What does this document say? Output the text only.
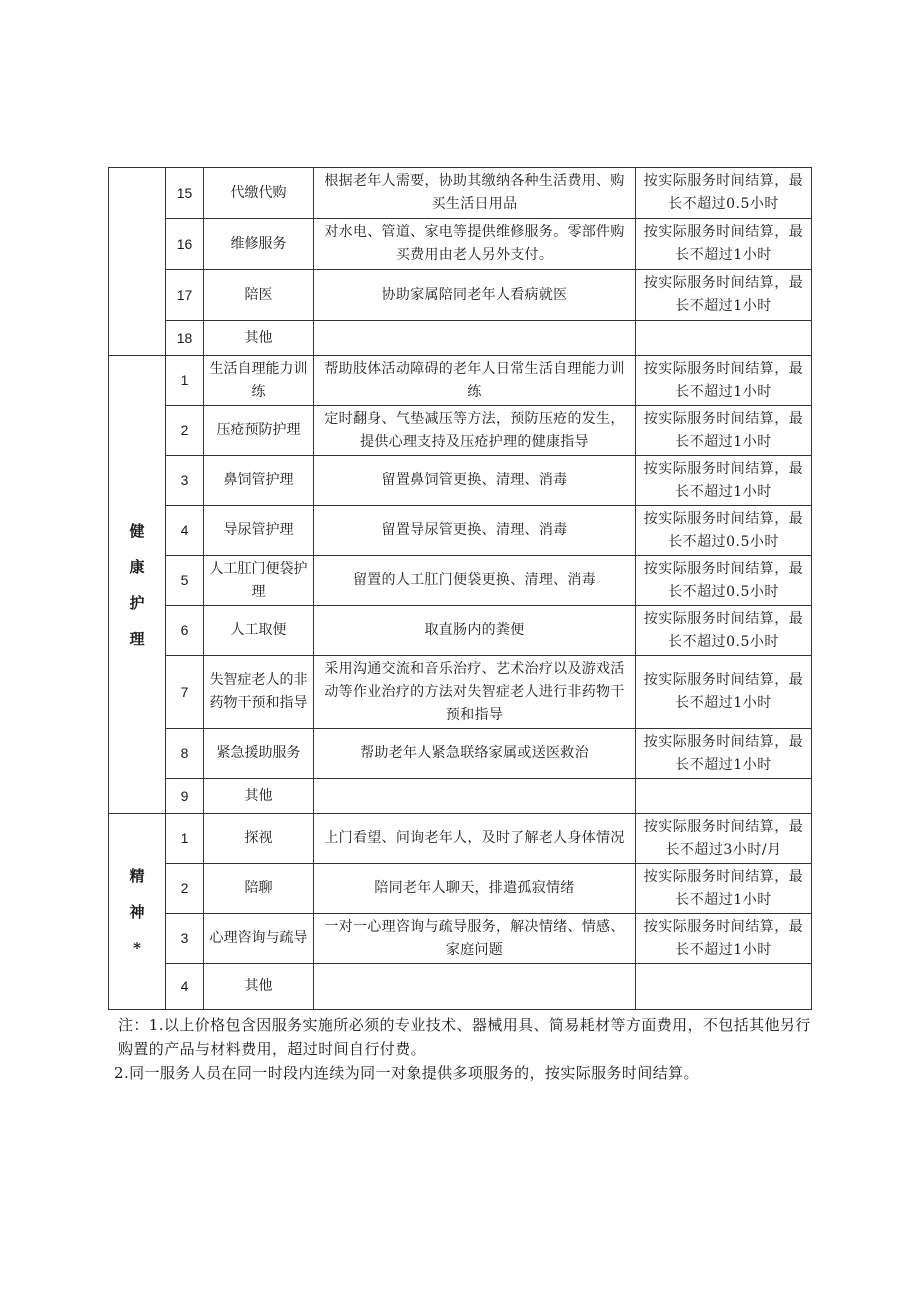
	15	代缴代购	根据老年人需要，协助其缴纳各种生活费用、购买生活日用品	按实际服务时间结算，最长不超过0.5小时
	16	维修服务	对水电、管道、家电等提供维修服务。零部件购买费用由老人另外支付。	按实际服务时间结算，最长不超过1小时
	17	陪医	协助家属陪同老年人看病就医	按实际服务时间结算，最长不超过1小时
	18	其他		
健康护理	1	生活自理能力训练	帮助肢体活动障碍的老年人日常生活自理能力训练	按实际服务时间结算，最长不超过1小时
	2	压疮预防护理	定时翻身、气垫减压等方法，预防压疮的发生，提供心理支持及压疮护理的健康指导	按实际服务时间结算，最长不超过1小时
	3	鼻饲管护理	留置鼻饲管更换、清理、消毒	按实际服务时间结算，最长不超过1小时
	4	导尿管护理	留置导尿管更换、清理、消毒	按实际服务时间结算，最长不超过0.5小时
	5	人工肛门便袋护理	留置的人工肛门便袋更换、清理、消毒	按实际服务时间结算，最长不超过0.5小时
	6	人工取便	取直肠内的粪便	按实际服务时间结算，最长不超过0.5小时
	7	失智症老人的非药物干预和指导	采用沟通交流和音乐治疗、艺术治疗以及游戏活动等作业治疗的方法对失智症老人进行非药物干预和指导	按实际服务时间结算，最长不超过1小时
	8	紧急援助服务	帮助老年人紧急联络家属或送医救治	按实际服务时间结算，最长不超过1小时
	9	其他		
精神*	1	探视	上门看望、问询老年人，及时了解老人身体情况	按实际服务时间结算，最长不超过3小时/月
	2	陪聊	陪同老年人聊天，排遣孤寂情绪	按实际服务时间结算，最长不超过1小时
	3	心理咨询与疏导	一对一心理咨询与疏导服务，解决情绪、情感、家庭问题	按实际服务时间结算，最长不超过1小时
	4	其他		

注：1.以上价格包含因服务实施所必须的专业技术、器械用具、简易耗材等方面费用，不包括其他另行购置的产品与材料费用，超过时间自行付费。

2.同一服务人员在同一时段内连续为同一对象提供多项服务的，按实际服务时间结算。
